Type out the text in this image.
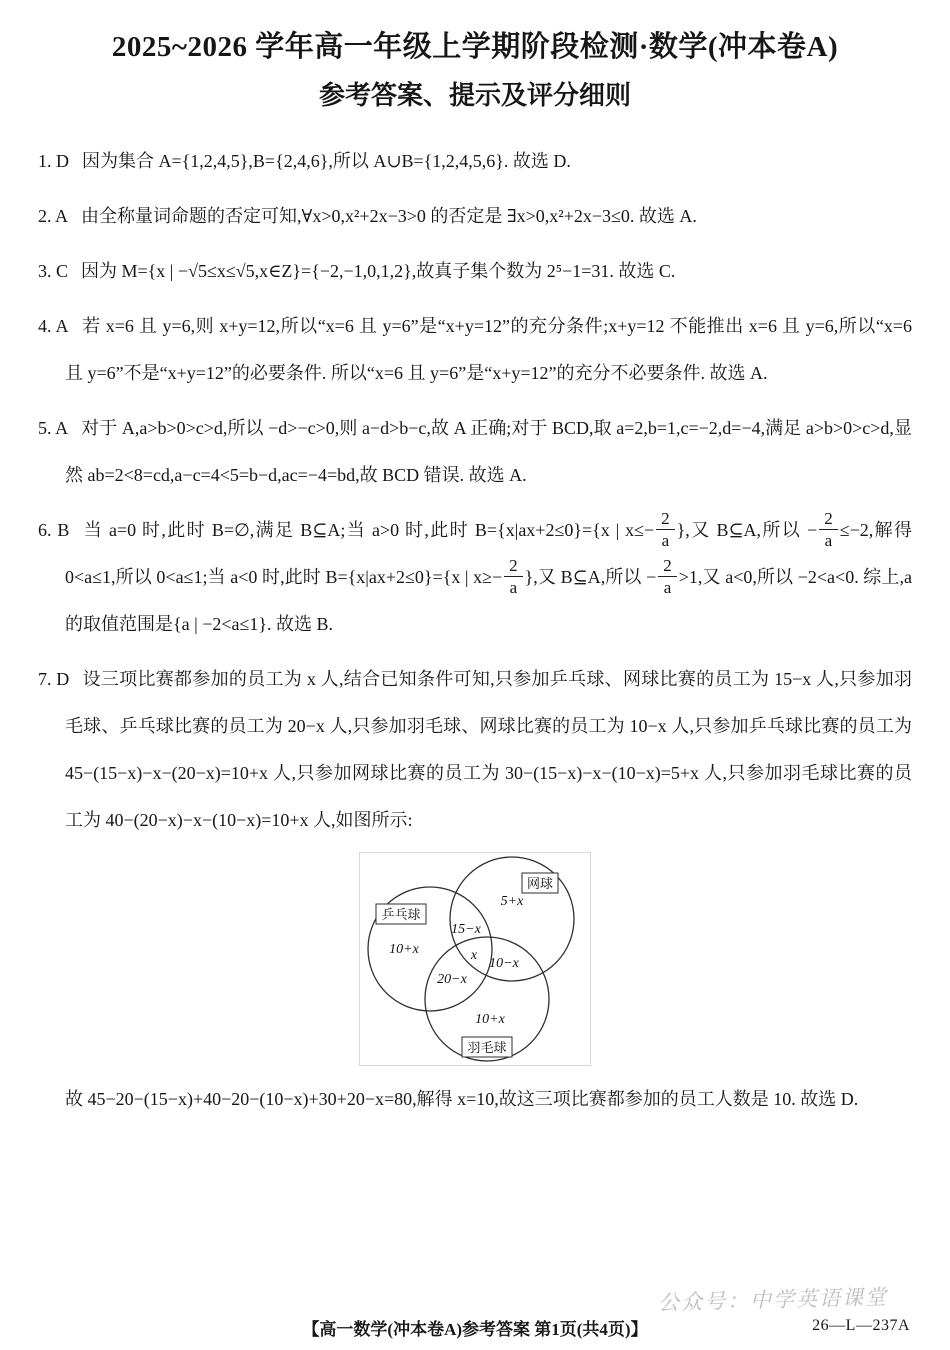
2025~2026 学年高一年级上学期阶段检测·数学(冲本卷A)
参考答案、提示及评分细则
1. D 因为集合 A={1,2,4,5},B={2,4,6},所以 A∪B={1,2,4,5,6}. 故选 D.
2. A 由全称量词命题的否定可知,∀x>0,x²+2x−3>0 的否定是 ∃x>0,x²+2x−3≤0. 故选 A.
3. C 因为 M={x | −√5≤x≤√5,x∈Z}={−2,−1,0,1,2},故真子集个数为 2⁵−1=31. 故选 C.
4. A 若 x=6 且 y=6,则 x+y=12,所以“x=6 且 y=6”是“x+y=12”的充分条件;x+y=12 不能推出 x=6 且 y=6,所以“x=6 且 y=6”不是“x+y=12”的必要条件. 所以“x=6 且 y=6”是“x+y=12”的充分不必要条件. 故选 A.
5. A 对于 A,a>b>0>c>d,所以 −d>−c>0,则 a−d>b−c,故 A 正确;对于 BCD,取 a=2,b=1,c=−2,d=−4,满足 a>b>0>c>d,显然 ab=2<8=cd,a−c=4<5=b−d,ac=−4=bd,故 BCD 错误. 故选 A.
6. B 当 a=0 时,此时 B=∅,满足 B⊆A;当 a>0 时,此时 B={x|ax+2≤0}={x | $x\le- \frac{2}{a}$ },又 B⊆A,所以 − $\frac{2}{a} \le-2$,解得 0<a≤1,所以 0<a≤1;当 a<0 时,此时 B={x|ax+2≤0}={x | $x\ge- \frac{2}{a}$ },又 B⊆A,所以 − $\frac{2}{a} >1$,又 a<0,所以 −2<a<0. 综上,a 的取值范围是{a | −2<a≤1}. 故选 B.
7. D 设三项比赛都参加的员工为 x 人,结合已知条件可知,只参加乒乓球、网球比赛的员工为 15−x 人,只参加羽毛球、乒乓球比赛的员工为 20−x 人,只参加羽毛球、网球比赛的员工为 10−x 人,只参加乒乓球比赛的员工为 45−(15−x)−x−(20−x)=10+x 人,只参加网球比赛的员工为 30−(15−x)−x−(10−x)=5+x 人,只参加羽毛球比赛的员工为 40−(20−x)−x−(10−x)=10+x 人,如图所示:
乒乓球
网球
羽毛球
10+x
5+x
10+x
15−x
20−x
10−x
x
故 45−20−(15−x)+40−20−(10−x)+30+20−x=80,解得 x=10,故这三项比赛都参加的员工人数是 10. 故选 D.
公众号：中学英语课堂
【高一数学(冲本卷A)参考答案 第1页(共4页)】	26—L—237A
